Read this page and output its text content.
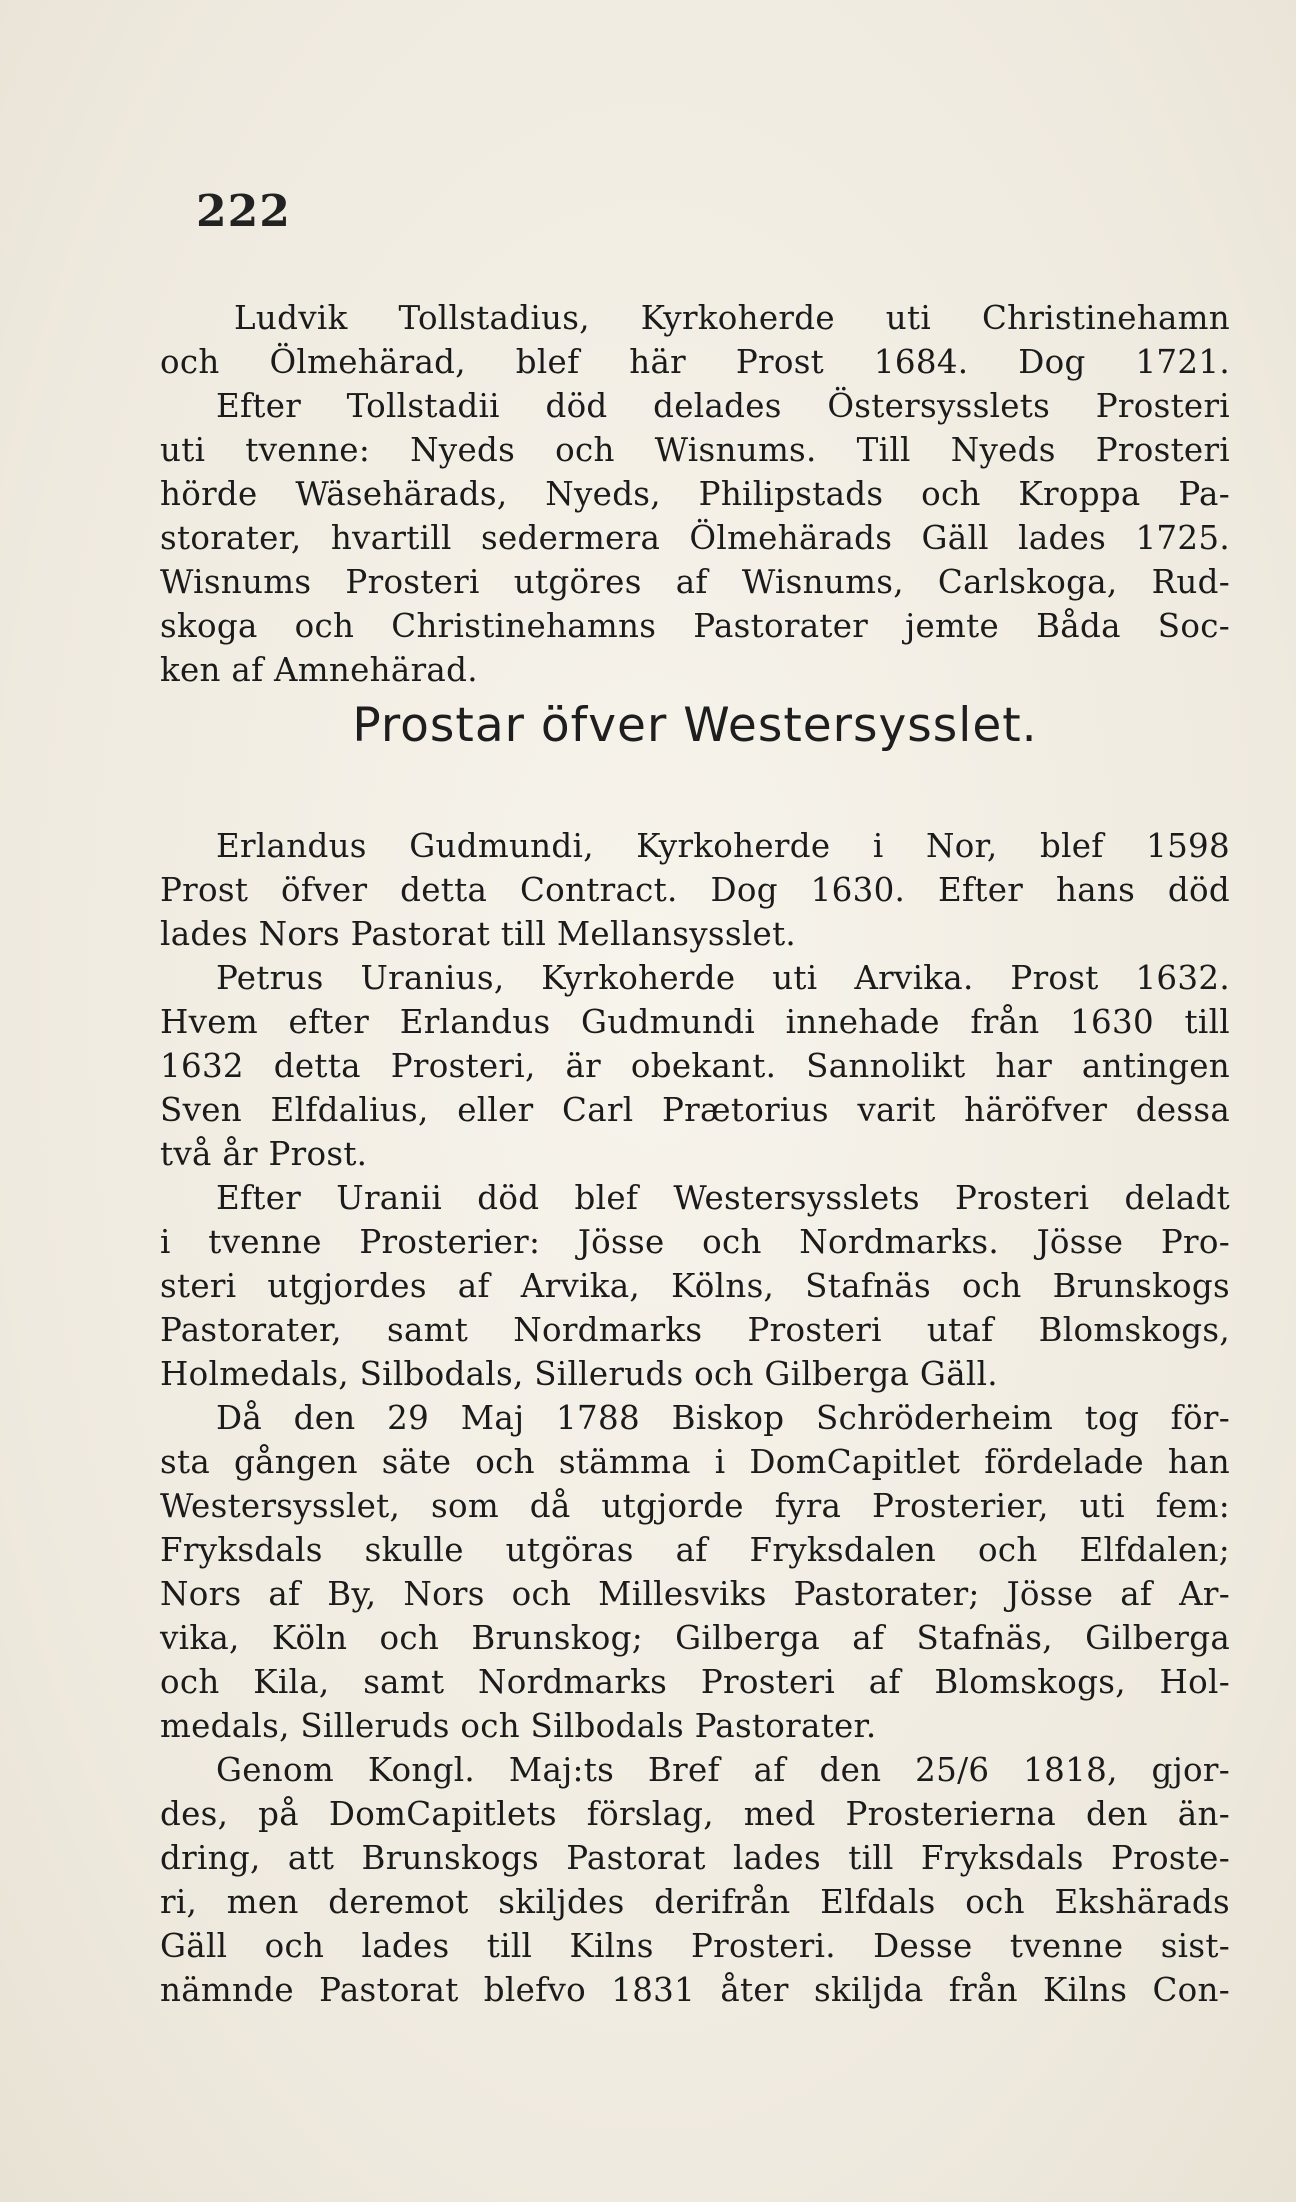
222
Ludvik Tollstadius, Kyrkoherde uti Christinehamn
och Ölmehärad, blef här Prost 1684. Dog 1721.
Efter Tollstadii död delades Östersysslets Prosteri
uti tvenne: Nyeds och Wisnums. Till Nyeds Prosteri
hörde Wäsehärads, Nyeds, Philipstads och Kroppa Pa-
storater, hvartill sedermera Ölmehärads Gäll lades 1725.
Wisnums Prosteri utgöres af Wisnums, Carlskoga, Rud-
skoga och Christinehamns Pastorater jemte Båda Soc-
ken af Amnehärad.
Prostar öfver Westersysslet.
Erlandus Gudmundi, Kyrkoherde i Nor, blef 1598
Prost öfver detta Contract. Dog 1630. Efter hans död
lades Nors Pastorat till Mellansysslet.
Petrus Uranius, Kyrkoherde uti Arvika. Prost 1632.
Hvem efter Erlandus Gudmundi innehade från 1630 till
1632 detta Prosteri, är obekant. Sannolikt har antingen
Sven Elfdalius, eller Carl Prætorius varit häröfver dessa
två år Prost.
Efter Uranii död blef Westersysslets Prosteri deladt
i tvenne Prosterier: Jösse och Nordmarks. Jösse Pro-
steri utgjordes af Arvika, Kölns, Stafnäs och Brunskogs
Pastorater, samt Nordmarks Prosteri utaf Blomskogs,
Holmedals, Silbodals, Silleruds och Gilberga Gäll.
Då den 29 Maj 1788 Biskop Schröderheim tog för-
sta gången säte och stämma i DomCapitlet fördelade han
Westersysslet, som då utgjorde fyra Prosterier, uti fem:
Fryksdals skulle utgöras af Fryksdalen och Elfdalen;
Nors af By, Nors och Millesviks Pastorater; Jösse af Ar-
vika, Köln och Brunskog; Gilberga af Stafnäs, Gilberga
och Kila, samt Nordmarks Prosteri af Blomskogs, Hol-
medals, Silleruds och Silbodals Pastorater.
Genom Kongl. Maj:ts Bref af den 25/6 1818, gjor-
des, på DomCapitlets förslag, med Prosterierna den än-
dring, att Brunskogs Pastorat lades till Fryksdals Proste-
ri, men deremot skiljdes derifrån Elfdals och Ekshärads
Gäll och lades till Kilns Prosteri. Desse tvenne sist-
nämnde Pastorat blefvo 1831 åter skiljda från Kilns Con-
